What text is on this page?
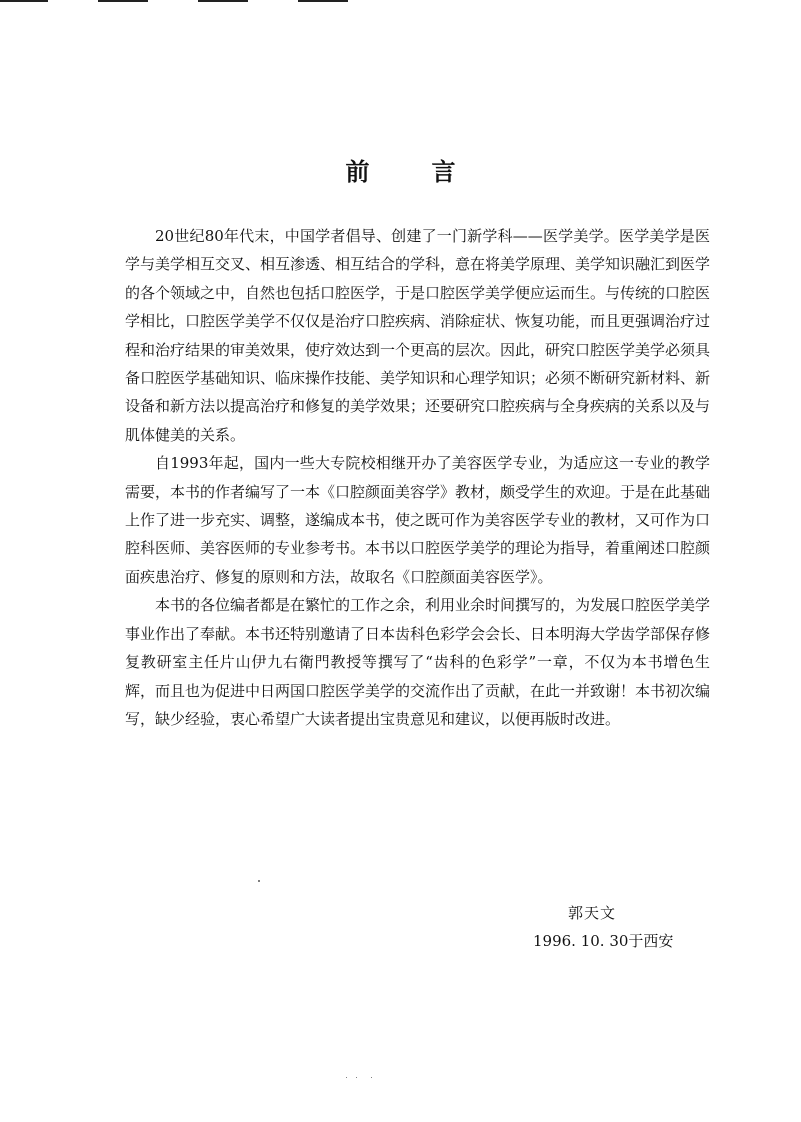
前言

20世纪80年代末，中国学者倡导、创建了一门新学科——医学美学。医学美学是医学与美学相互交叉、相互渗透、相互结合的学科，意在将美学原理、美学知识融汇到医学的各个领域之中，自然也包括口腔医学，于是口腔医学美学便应运而生。与传统的口腔医学相比，口腔医学美学不仅仅是治疗口腔疾病、消除症状、恢复功能，而且更强调治疗过程和治疗结果的审美效果，使疗效达到一个更高的层次。因此，研究口腔医学美学必须具备口腔医学基础知识、临床操作技能、美学知识和心理学知识；必须不断研究新材料、新设备和新方法以提高治疗和修复的美学效果；还要研究口腔疾病与全身疾病的关系以及与肌体健美的关系。

自1993年起，国内一些大专院校相继开办了美容医学专业，为适应这一专业的教学需要，本书的作者编写了一本《口腔颜面美容学》教材，颇受学生的欢迎。于是在此基础上作了进一步充实、调整，遂编成本书，使之既可作为美容医学专业的教材，又可作为口腔科医师、美容医师的专业参考书。本书以口腔医学美学的理论为指导，着重阐述口腔颜面疾患治疗、修复的原则和方法，故取名《口腔颜面美容医学》。

本书的各位编者都是在繁忙的工作之余，利用业余时间撰写的，为发展口腔医学美学事业作出了奉献。本书还特别邀请了日本齿科色彩学会会长、日本明海大学齿学部保存修复教研室主任片山伊九右衛門教授等撰写了“齿科的色彩学”一章，不仅为本书增色生辉，而且也为促进中日两国口腔医学美学的交流作出了贡献，在此一并致谢！本书初次编写，缺少经验，衷心希望广大读者提出宝贵意见和建议，以便再版时改进。

郭天文
1996. 10. 30于西安
